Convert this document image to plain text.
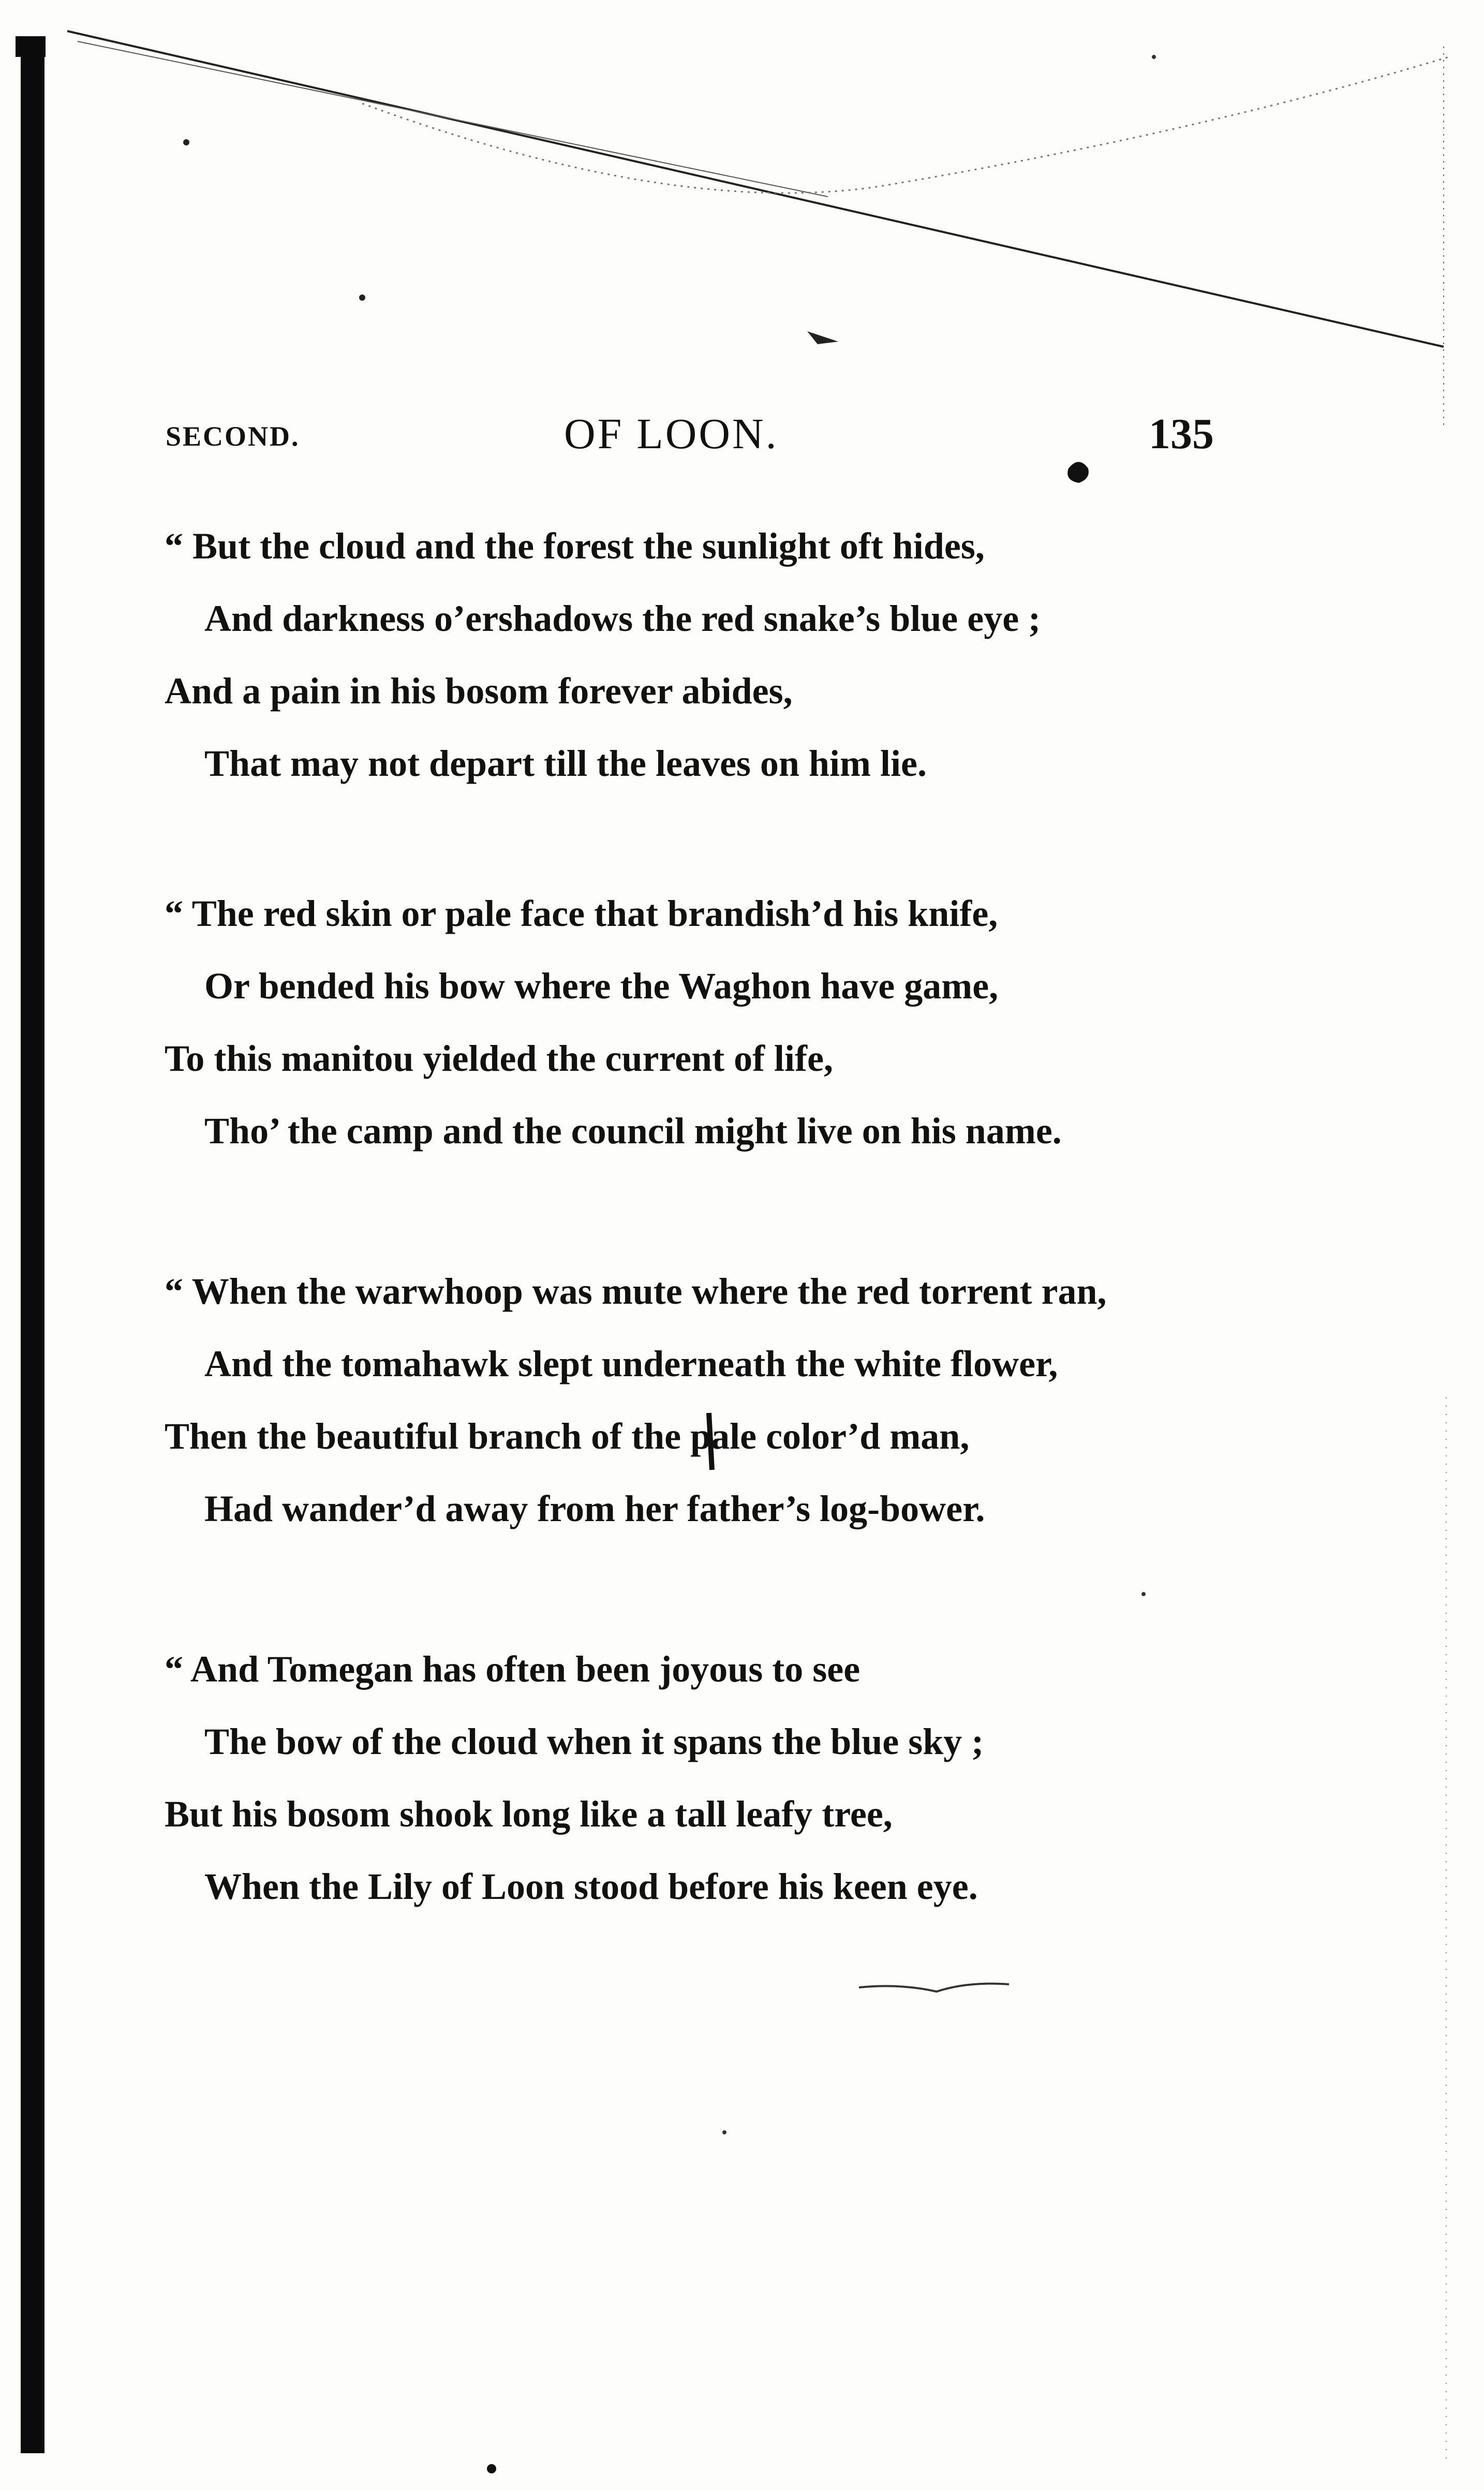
SECOND.	OF LOON.	135
“ But the cloud and the forest the sunlight oft hides,
And darkness o’ershadows the red snake’s blue eye ;
And a pain in his bosom forever abides,
That may not depart till the leaves on him lie.
“ The red skin or pale face that brandish’d his knife,
Or bended his bow where the Waghon have game,
To this manitou yielded the current of life,
Tho’ the camp and the council might live on his name.
“ When the warwhoop was mute where the red torrent ran,
And the tomahawk slept underneath the white flower,
Then the beautiful branch of the pale color’d man,
Had wander’d away from her father’s log-bower.
“ And Tomegan has often been joyous to see
The bow of the cloud when it spans the blue sky ;
But his bosom shook long like a tall leafy tree,
When the Lily of Loon stood before his keen eye.
